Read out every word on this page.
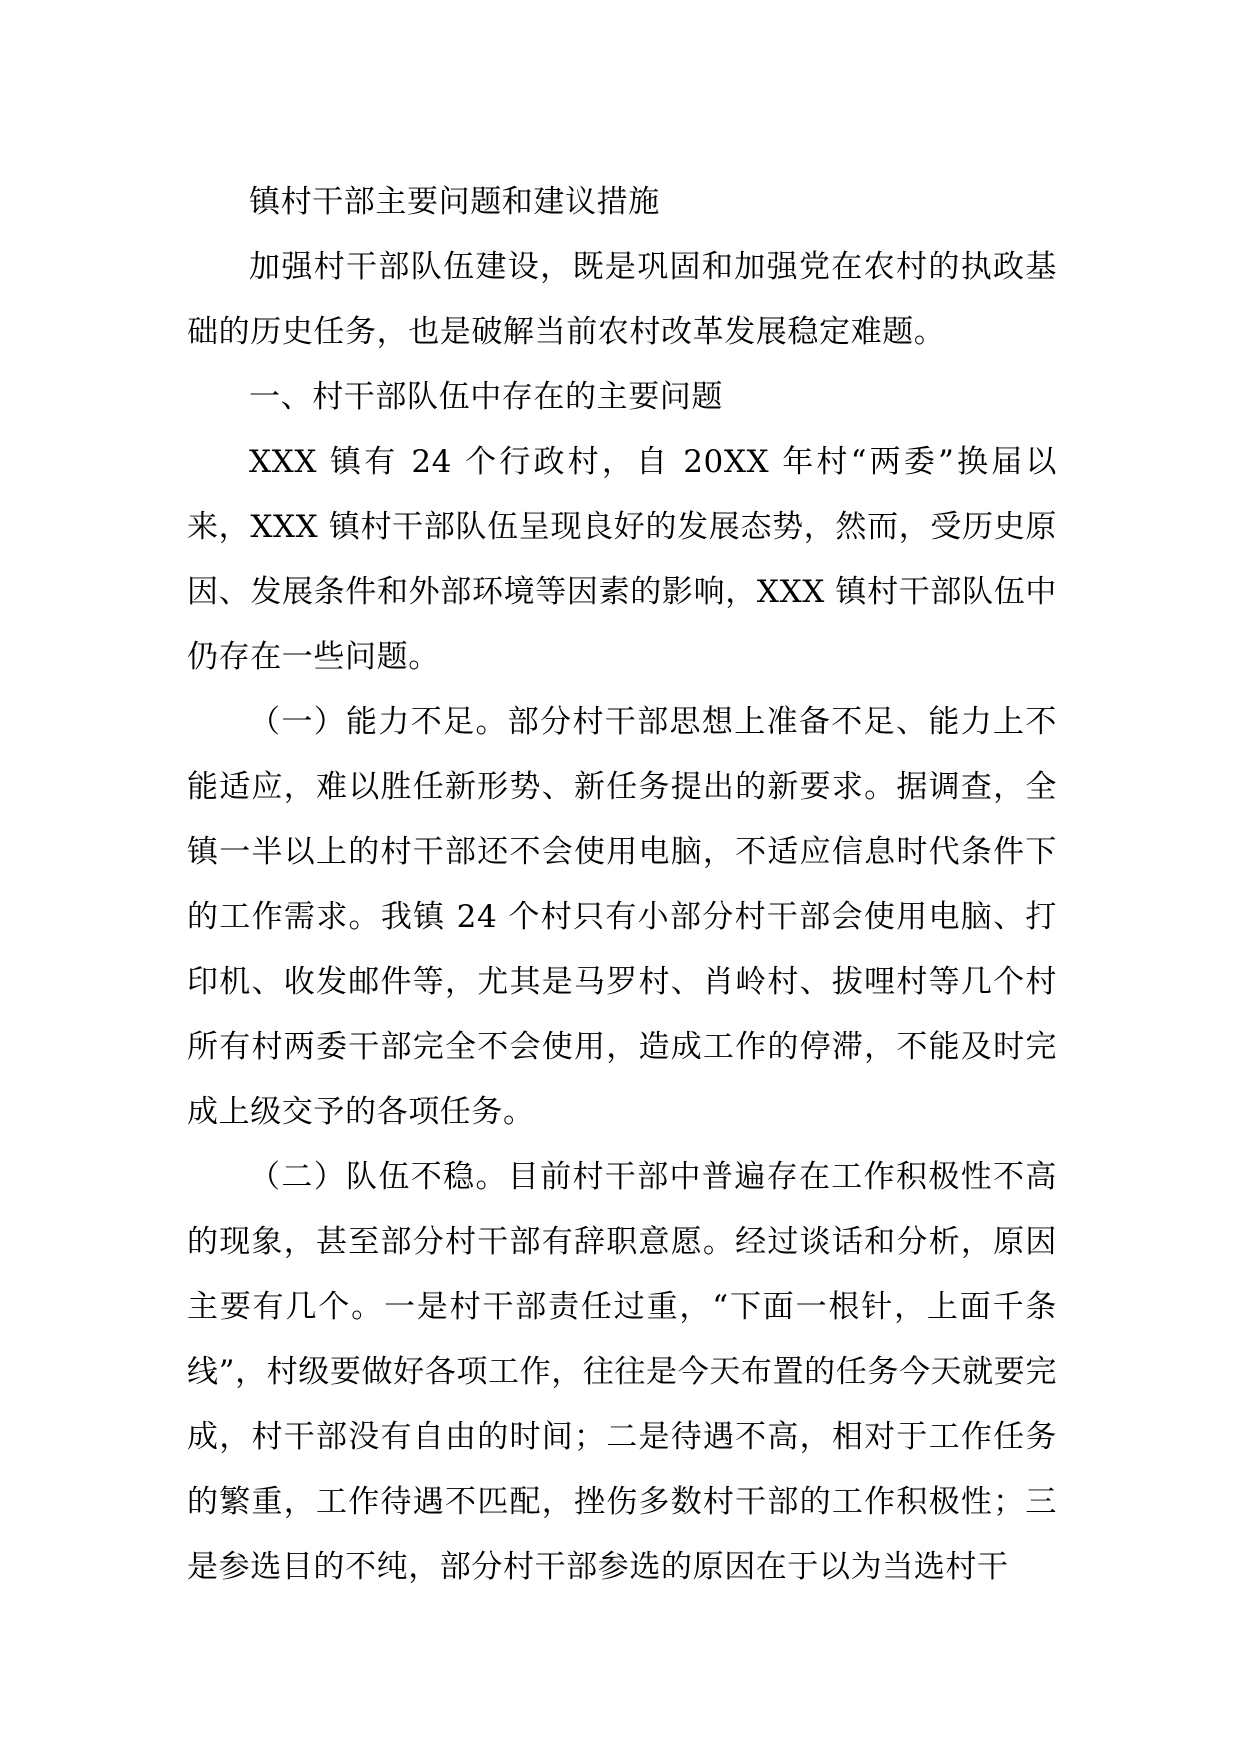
镇村干部主要问题和建议措施

加强村干部队伍建设，既是巩固和加强党在农村的执政基础的历史任务，也是破解当前农村改革发展稳定难题。

一、村干部队伍中存在的主要问题

XXX 镇有 24 个行政村，自 20XX 年村“两委”换届以来，XXX 镇村干部队伍呈现良好的发展态势，然而，受历史原因、发展条件和外部环境等因素的影响，XXX 镇村干部队伍中仍存在一些问题。

（一）能力不足。部分村干部思想上准备不足、能力上不能适应，难以胜任新形势、新任务提出的新要求。据调查，全镇一半以上的村干部还不会使用电脑，不适应信息时代条件下的工作需求。我镇 24 个村只有小部分村干部会使用电脑、打印机、收发邮件等，尤其是马罗村、肖岭村、拔哩村等几个村所有村两委干部完全不会使用，造成工作的停滞，不能及时完成上级交予的各项任务。

（二）队伍不稳。目前村干部中普遍存在工作积极性不高的现象，甚至部分村干部有辞职意愿。经过谈话和分析，原因主要有几个。一是村干部责任过重，“下面一根针，上面千条线”，村级要做好各项工作，往往是今天布置的任务今天就要完成，村干部没有自由的时间；二是待遇不高，相对于工作任务的繁重，工作待遇不匹配，挫伤多数村干部的工作积极性；三是参选目的不纯，部分村干部参选的原因在于以为当选村干
